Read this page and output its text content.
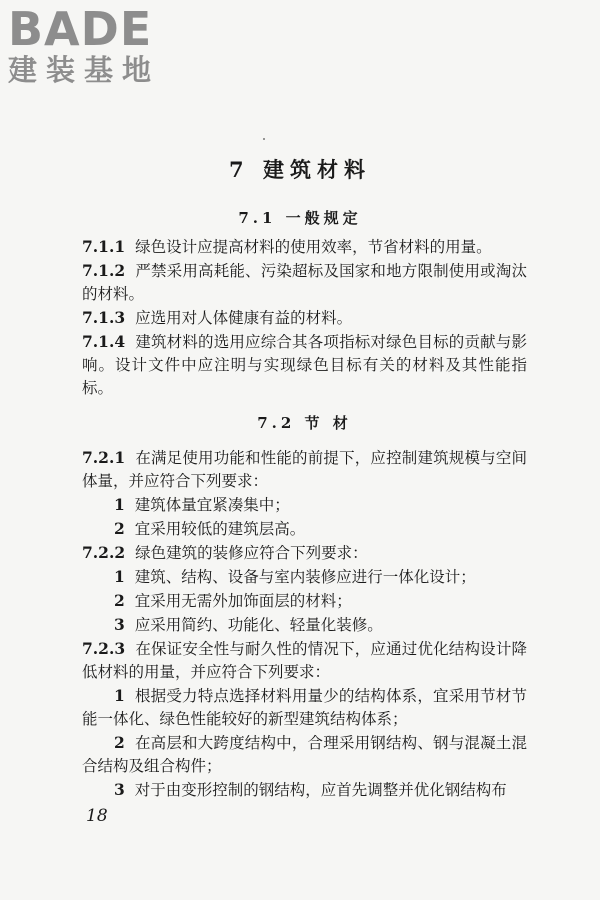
BADE
建装基地
7 建筑材料
7.1 一般规定

7.1.1 绿色设计应提高材料的使用效率，节省材料的用量。

7.1.2 严禁采用高耗能、污染超标及国家和地方限制使用或淘汰的材料。

7.1.3 应选用对人体健康有益的材料。

7.1.4 建筑材料的选用应综合其各项指标对绿色目标的贡献与影响。设计文件中应注明与实现绿色目标有关的材料及其性能指标。

7.2 节 材

7.2.1 在满足使用功能和性能的前提下，应控制建筑规模与空间体量，并应符合下列要求：

1 建筑体量宜紧凑集中；

2 宜采用较低的建筑层高。

7.2.2 绿色建筑的装修应符合下列要求：

1 建筑、结构、设备与室内装修应进行一体化设计；

2 宜采用无需外加饰面层的材料；

3 应采用简约、功能化、轻量化装修。

7.2.3 在保证安全性与耐久性的情况下，应通过优化结构设计降低材料的用量，并应符合下列要求：

1 根据受力特点选择材料用量少的结构体系，宜采用节材节能一体化、绿色性能较好的新型建筑结构体系；

2 在高层和大跨度结构中，合理采用钢结构、钢与混凝土混合结构及组合构件；

3 对于由变形控制的钢结构，应首先调整并优化钢结构布

18
